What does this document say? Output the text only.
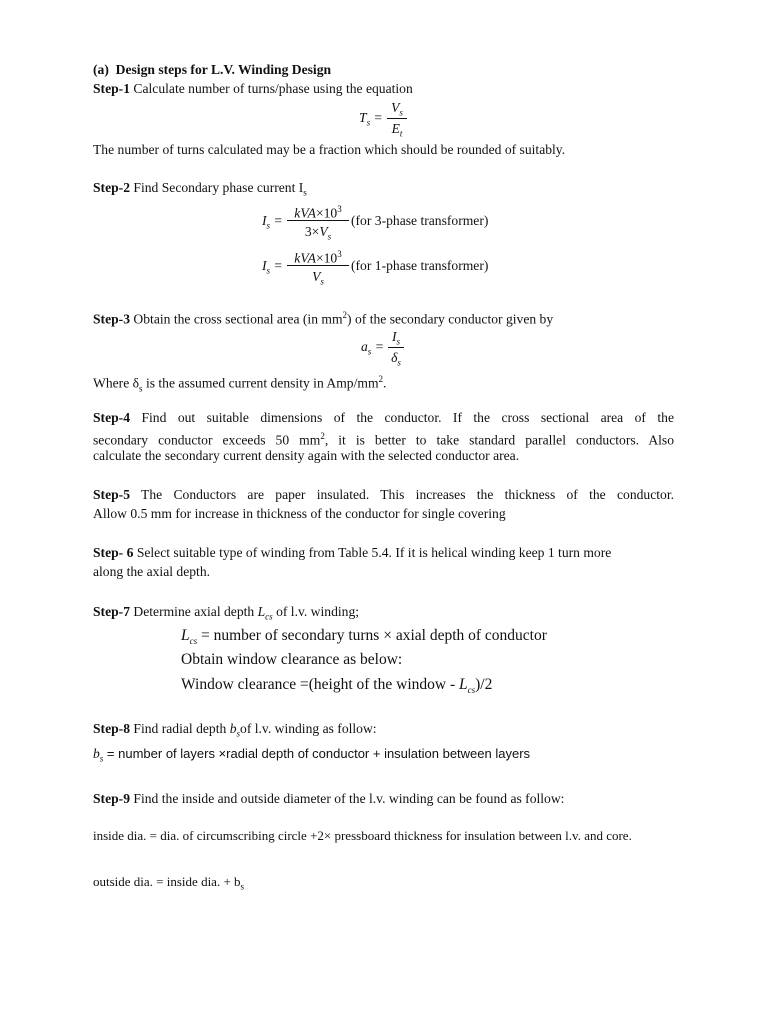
(a) Design steps for L.V. Winding Design
Step-1 Calculate number of turns/phase using the equation
$T_s$ =
$V_s$
$E_t$
The number of turns calculated may be a fraction which should be rounded of suitably.
Step-2 Find Secondary phase current $I_s$
$I_s = kVA\times 10^3$
$3\times V_s$
(for 3-phase transformer)
$I_s = kVA\times 10^3$
$V_s$
(for 1-phase transformer)
Step-3 Obtain the cross sectional area (in $mm^2$) of the secondary conductor given by
$a_s$ =
$I_s$
$\delta_s$
Where $\delta_s$ is the assumed current density in Amp/$mm^2$.
Step-4 Find out suitable dimensions of the conductor. If the cross sectional area of the
secondary conductor exceeds 50 $mm^2$, it is better to take standard parallel conductors. Also
calculate the secondary current density again with the selected conductor area.
Step-5 The Conductors are paper insulated. This increases the thickness of the conductor.
Allow 0.5 mm for increase in thickness of the conductor for single covering
Step- 6 Select suitable type of winding from Table 5.4. If it is helical winding keep 1 turn more
along the axial depth.
Step-7 Determine axial depth $L_{cs}$ of l.v. winding;
$L_{cs}$ = number of secondary turns × axial depth of conductor
Obtain window clearance as below:
Window clearance =(height of the window - $L_{cs})/2$
Step-8 Find radial depth $b_sof$ l.v. winding as follow:
$b_s$ = number of layers ×radial depth of conductor + insulation between layers
Step-9 Find the inside and outside diameter of the l.v. winding can be found as follow:
inside dia. = dia. of circumscribing circle +2× pressboard thickness for insulation between l.v. and core.
outside dia. = inside dia. + $b_s$
